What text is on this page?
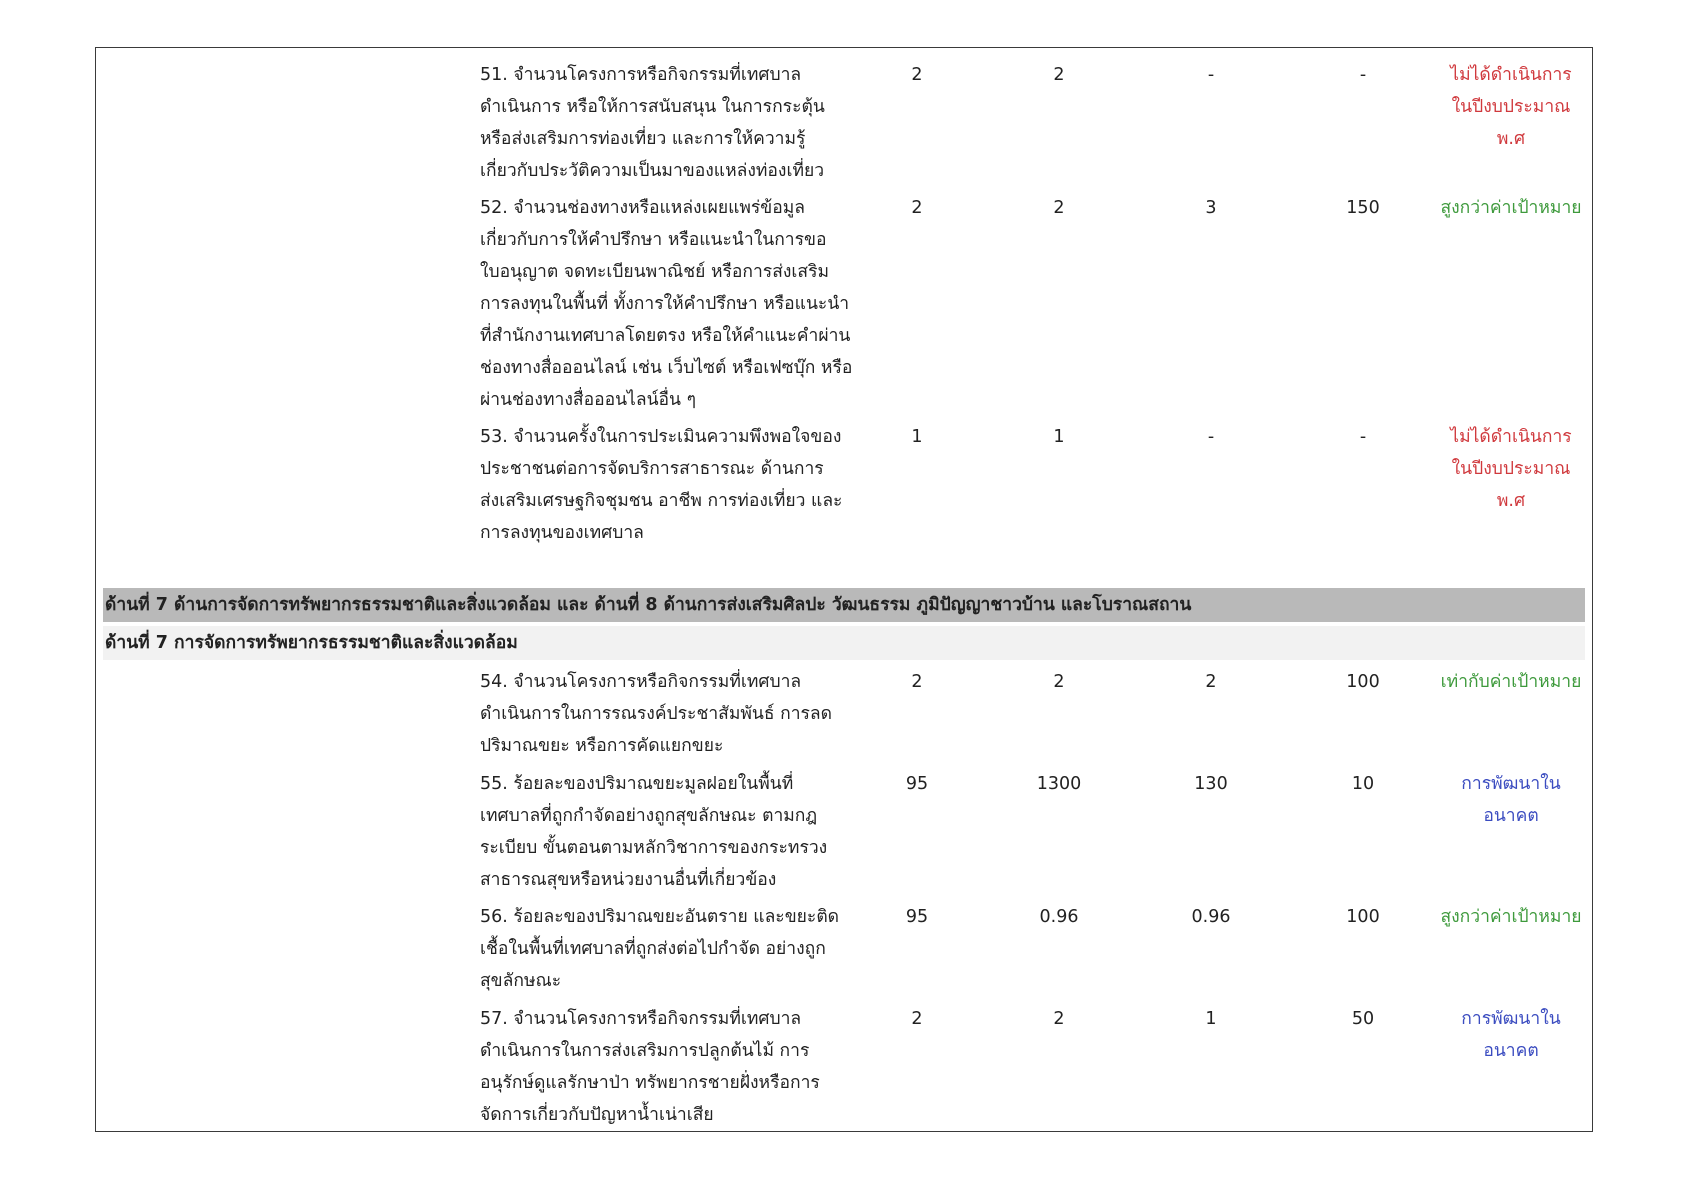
51. จำนวนโครงการหรือกิจกรรมที่เทศบาล
ดำเนินการ หรือให้การสนับสนุน ในการกระตุ้น
หรือส่งเสริมการท่องเที่ยว และการให้ความรู้
เกี่ยวกับประวัติความเป็นมาของแหล่งท่องเที่ยว
2	2	-	-	ไม่ได้ดำเนินการ
ในปีงบประมาณ
พ.ศ
52. จำนวนช่องทางหรือแหล่งเผยแพร่ข้อมูล
เกี่ยวกับการให้คำปรึกษา หรือแนะนำในการขอ
ใบอนุญาต จดทะเบียนพาณิชย์ หรือการส่งเสริม
การลงทุนในพื้นที่ ทั้งการให้คำปรึกษา หรือแนะนำ
ที่สำนักงานเทศบาลโดยตรง หรือให้คำแนะคำผ่าน
ช่องทางสื่อออนไลน์ เช่น เว็บไซต์ หรือเฟซบุ๊ก หรือ
ผ่านช่องทางสื่อออนไลน์อื่น ๆ
2	2	3	150	สูงกว่าค่าเป้าหมาย
53. จำนวนครั้งในการประเมินความพึงพอใจของ
ประชาชนต่อการจัดบริการสาธารณะ ด้านการ
ส่งเสริมเศรษฐกิจชุมชน อาชีพ การท่องเที่ยว และ
การลงทุนของเทศบาล
1	1	-	-	ไม่ได้ดำเนินการ
ในปีงบประมาณ
พ.ศ
ด้านที่ 7 ด้านการจัดการทรัพยากรธรรมชาติและสิ่งแวดล้อม และ ด้านที่ 8 ด้านการส่งเสริมศิลปะ วัฒนธรรม ภูมิปัญญาชาวบ้าน และโบราณสถาน
ด้านที่ 7 การจัดการทรัพยากรธรรมชาติและสิ่งแวดล้อม
54. จำนวนโครงการหรือกิจกรรมที่เทศบาล
ดำเนินการในการรณรงค์ประชาสัมพันธ์ การลด
ปริมาณขยะ หรือการคัดแยกขยะ
2	2	2	100	เท่ากับค่าเป้าหมาย
55. ร้อยละของปริมาณขยะมูลฝอยในพื้นที่
เทศบาลที่ถูกกำจัดอย่างถูกสุขลักษณะ ตามกฎ
ระเบียบ ขั้นตอนตามหลักวิชาการของกระทรวง
สาธารณสุขหรือหน่วยงานอื่นที่เกี่ยวข้อง
95	1300	130	10	การพัฒนาใน
อนาคต
56. ร้อยละของปริมาณขยะอันตราย และขยะติด
เชื้อในพื้นที่เทศบาลที่ถูกส่งต่อไปกำจัด อย่างถูก
สุขลักษณะ
95	0.96	0.96	100	สูงกว่าค่าเป้าหมาย
57. จำนวนโครงการหรือกิจกรรมที่เทศบาล
ดำเนินการในการส่งเสริมการปลูกต้นไม้ การ
อนุรักษ์ดูแลรักษาป่า ทรัพยากรชายฝั่งหรือการ
จัดการเกี่ยวกับปัญหาน้ำเน่าเสีย
2	2	1	50	การพัฒนาใน
อนาคต
